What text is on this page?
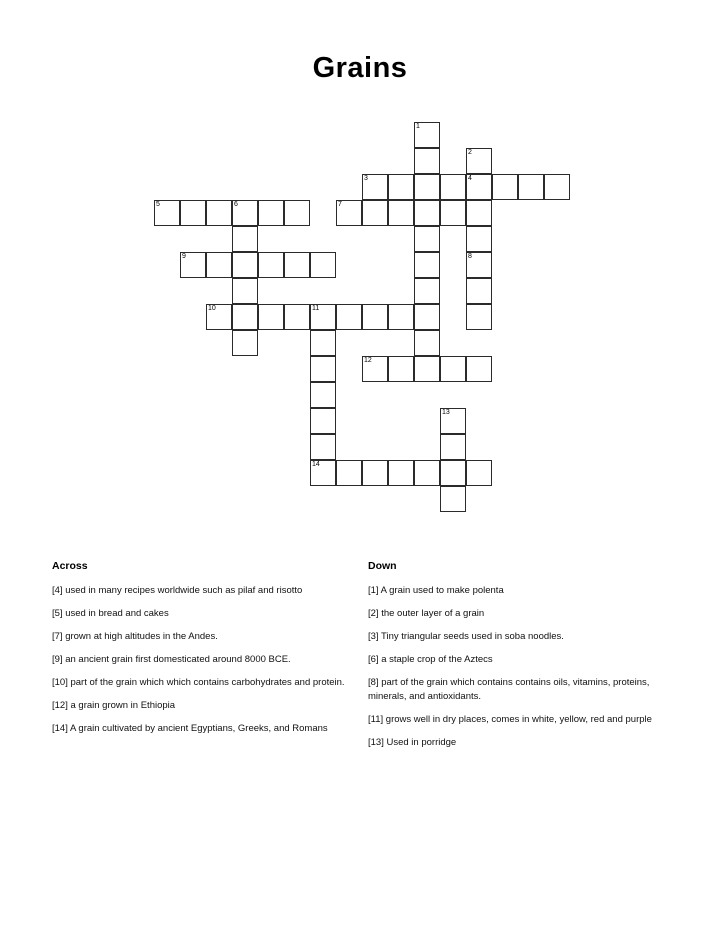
Grains
1
2
3	4
5	6	7
9	8
10	11
12
13
14
Across
[4] used in many recipes worldwide such as pilaf and risotto
[5] used in bread and cakes
[7] grown at high altitudes in the Andes.
[9] an ancient grain first domesticated around 8000 BCE.
[10] part of the grain which which contains carbohydrates and protein.
[12] a grain grown in Ethiopia
[14] A grain cultivated by ancient Egyptians, Greeks, and Romans
Down
[1] A grain used to make polenta
[2] the outer layer of a grain
[3] Tiny triangular seeds used in soba noodles.
[6] a staple crop of the Aztecs
[8] part of the grain which contains contains oils, vitamins, proteins, minerals, and antioxidants.
[11] grows well in dry places, comes in white, yellow, red and purple
[13] Used in porridge
